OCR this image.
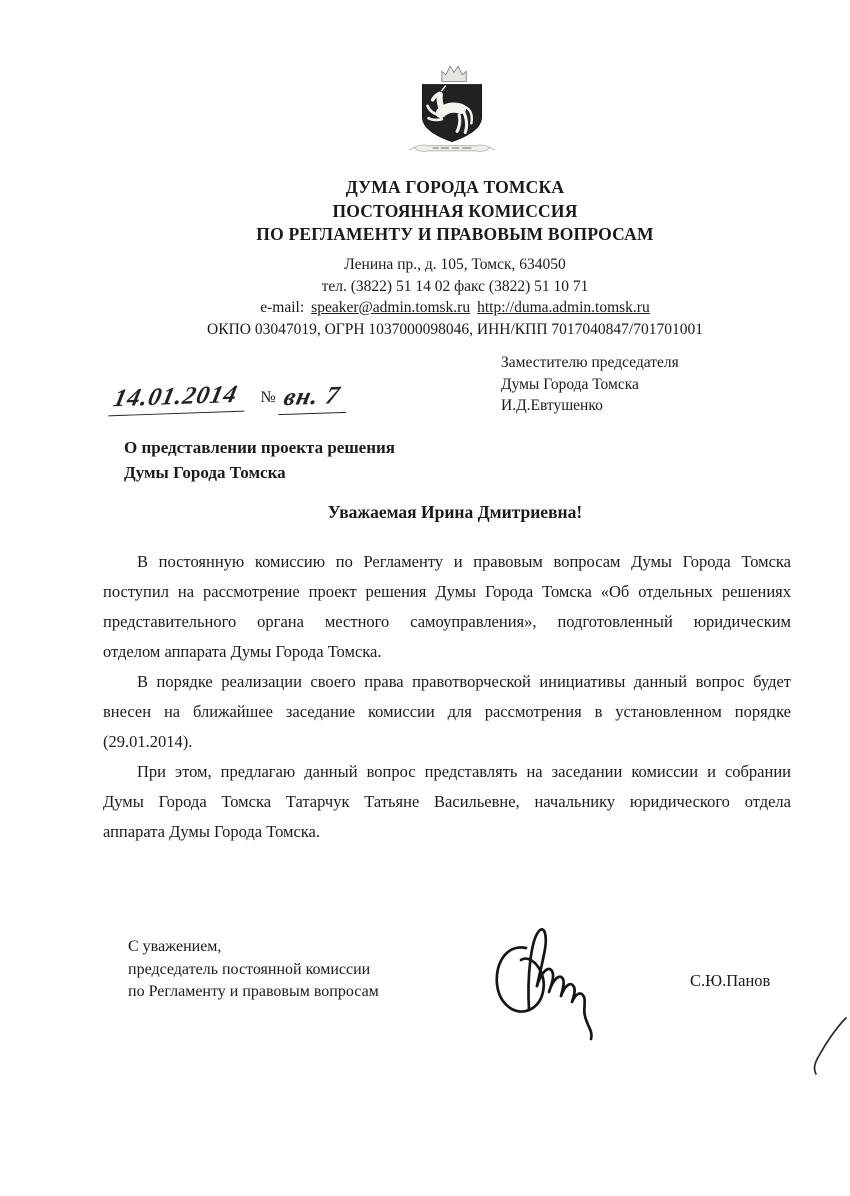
ДУМА ГОРОДА ТОМСКА
ПОСТОЯННАЯ КОМИССИЯ
ПО РЕГЛАМЕНТУ И ПРАВОВЫМ ВОПРОСАМ
Ленина пр., д. 105, Томск, 634050
тел. (3822) 51 14 02 факс (3822) 51 10 71
e-mail: speaker@admin.tomsk.ru http://duma.admin.tomsk.ru
ОКПО 03047019, ОГРН 1037000098046, ИНН/КПП 7017040847/701701001
Заместителю председателя
Думы Города Томска
И.Д.Евтушенко
14.01.2014 № вн. 7
О представлении проекта решения
Думы Города Томска
Уважаемая Ирина Дмитриевна!
В постоянную комиссию по Регламенту и правовым вопросам Думы Города Томска
поступил на рассмотрение проект решения Думы Города Томска «Об отдельных решениях
представительного органа местного самоуправления», подготовленный юридическим
отделом аппарата Думы Города Томска.
В порядке реализации своего права правотворческой инициативы данный вопрос будет
внесен на ближайшее заседание комиссии для рассмотрения в установленном порядке
(29.01.2014).
При этом, предлагаю данный вопрос представлять на заседании комиссии и собрании
Думы Города Томска Татарчук Татьяне Васильевне, начальнику юридического отдела
аппарата Думы Города Томска.
С уважением,
председатель постоянной комиссии
по Регламенту и правовым вопросам
С.Ю.Панов
